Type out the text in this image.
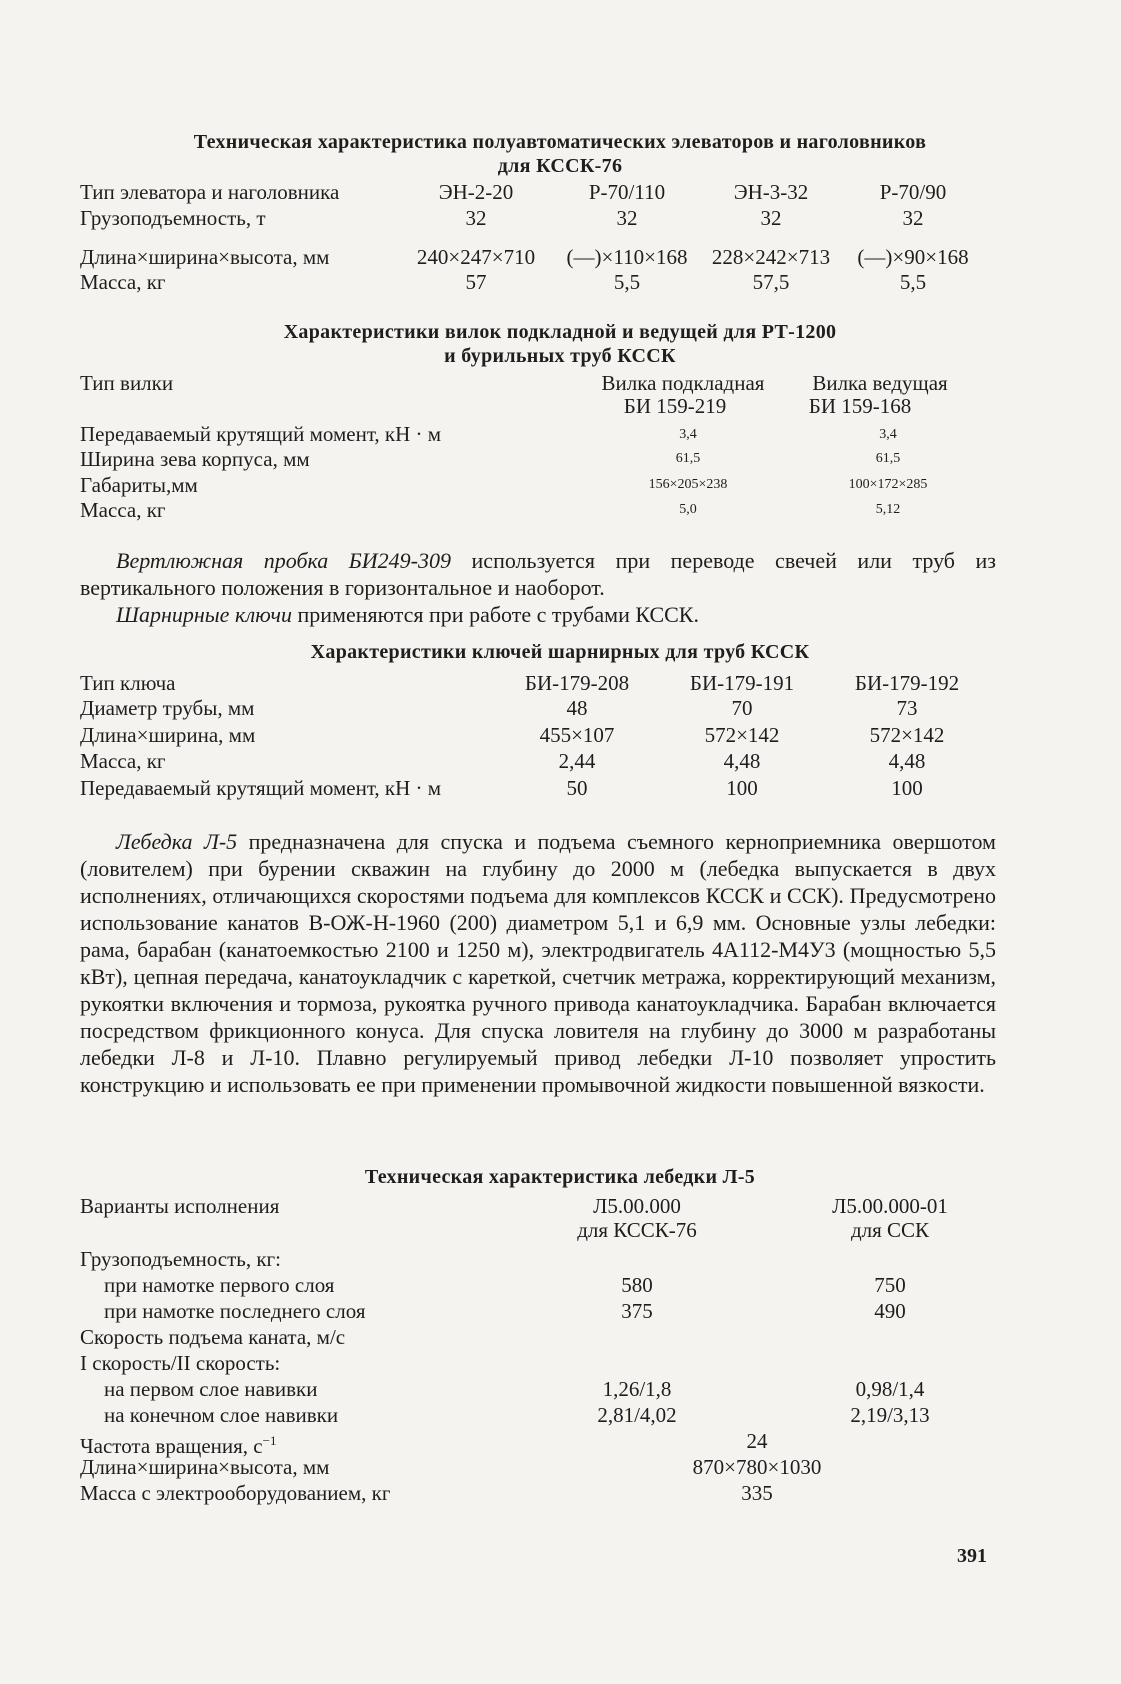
Техническая характеристика полуавтоматических элеваторов и наголовников
для КССК-76
Тип элеватора и наголовника	ЭН-2-20	Р-70/110	ЭН-3-32	Р-70/90
Грузоподъемность, т	32	32	32	32
Длина×ширина×высота, мм	240×247×710 (—)×110×168 228×242×713 (—)×90×168
Масса, кг	57	5,5	57,5	5,5
Характеристики вилок подкладной и ведущей для РТ-1200
и бурильных труб КССК
Тип вилки	Вилка подкладная Вилка ведущая
БИ 159-219	БИ 159-168
Передаваемый крутящий момент, кН · м	3,4	3,4
Ширина зева корпуса, мм	61,5	61,5
Габариты,мм	156×205×238	100×172×285
Масса, кг	5,0	5,12

Вертлюжная пробка БИ249-309 используется при переводе свечей или труб из вертикального положения в горизонтальное и наоборот.

Шарнирные ключи применяются при работе с трубами КССК.

Характеристики ключей шарнирных для труб КССК
Тип ключа	БИ-179-208	БИ-179-191	БИ-179-192
Диаметр трубы, мм	48	70	73
Длина×ширина, мм	455×107	572×142	572×142
Масса, кг	2,44	4,48	4,48
Передаваемый крутящий момент, кН · м	50	100	100

Лебедка Л-5 предназначена для спуска и подъема съемного керноприемника овершотом (ловителем) при бурении скважин на глубину до 2000 м (лебедка выпускается в двух исполнениях, отличающихся скоростями подъема для комплексов КССК и ССК). Предусмотрено использование канатов В-ОЖ-Н-1960 (200) диаметром 5,1 и 6,9 мм. Основные узлы лебедки: рама, барабан (канатоемкостью 2100 и 1250 м), электродвигатель 4А112-М4У3 (мощностью 5,5 кВт), цепная передача, канатоукладчик с кареткой, счетчик метража, корректирующий механизм, рукоятки включения и тормоза, рукоятка ручного привода канатоукладчика. Барабан включается посредством фрикционного конуса. Для спуска ловителя на глубину до 3000 м разработаны лебедки Л-8 и Л-10. Плавно регулируемый привод лебедки Л-10 позволяет упростить конструкцию и использовать ее при применении промывочной жидкости повышенной вязкости.

Техническая характеристика лебедки Л-5
Варианты исполнения	Л5.00.000	Л5.00.000-01
для КССК-76	для ССК
Грузоподъемность, кг:
при намотке первого слоя	580	750
при намотке последнего слоя	375	490
Скорость подъема каната, м/с
I скорость/II скорость:
на первом слое навивки	1,26/1,8	0,98/1,4
на конечном слое навивки	2,81/4,02	2,19/3,13
Частота вращения, $с^{-1}$	24
Длина×ширина×высота, мм	870×780×1030
Масса с электрооборудованием, кг	335
391
